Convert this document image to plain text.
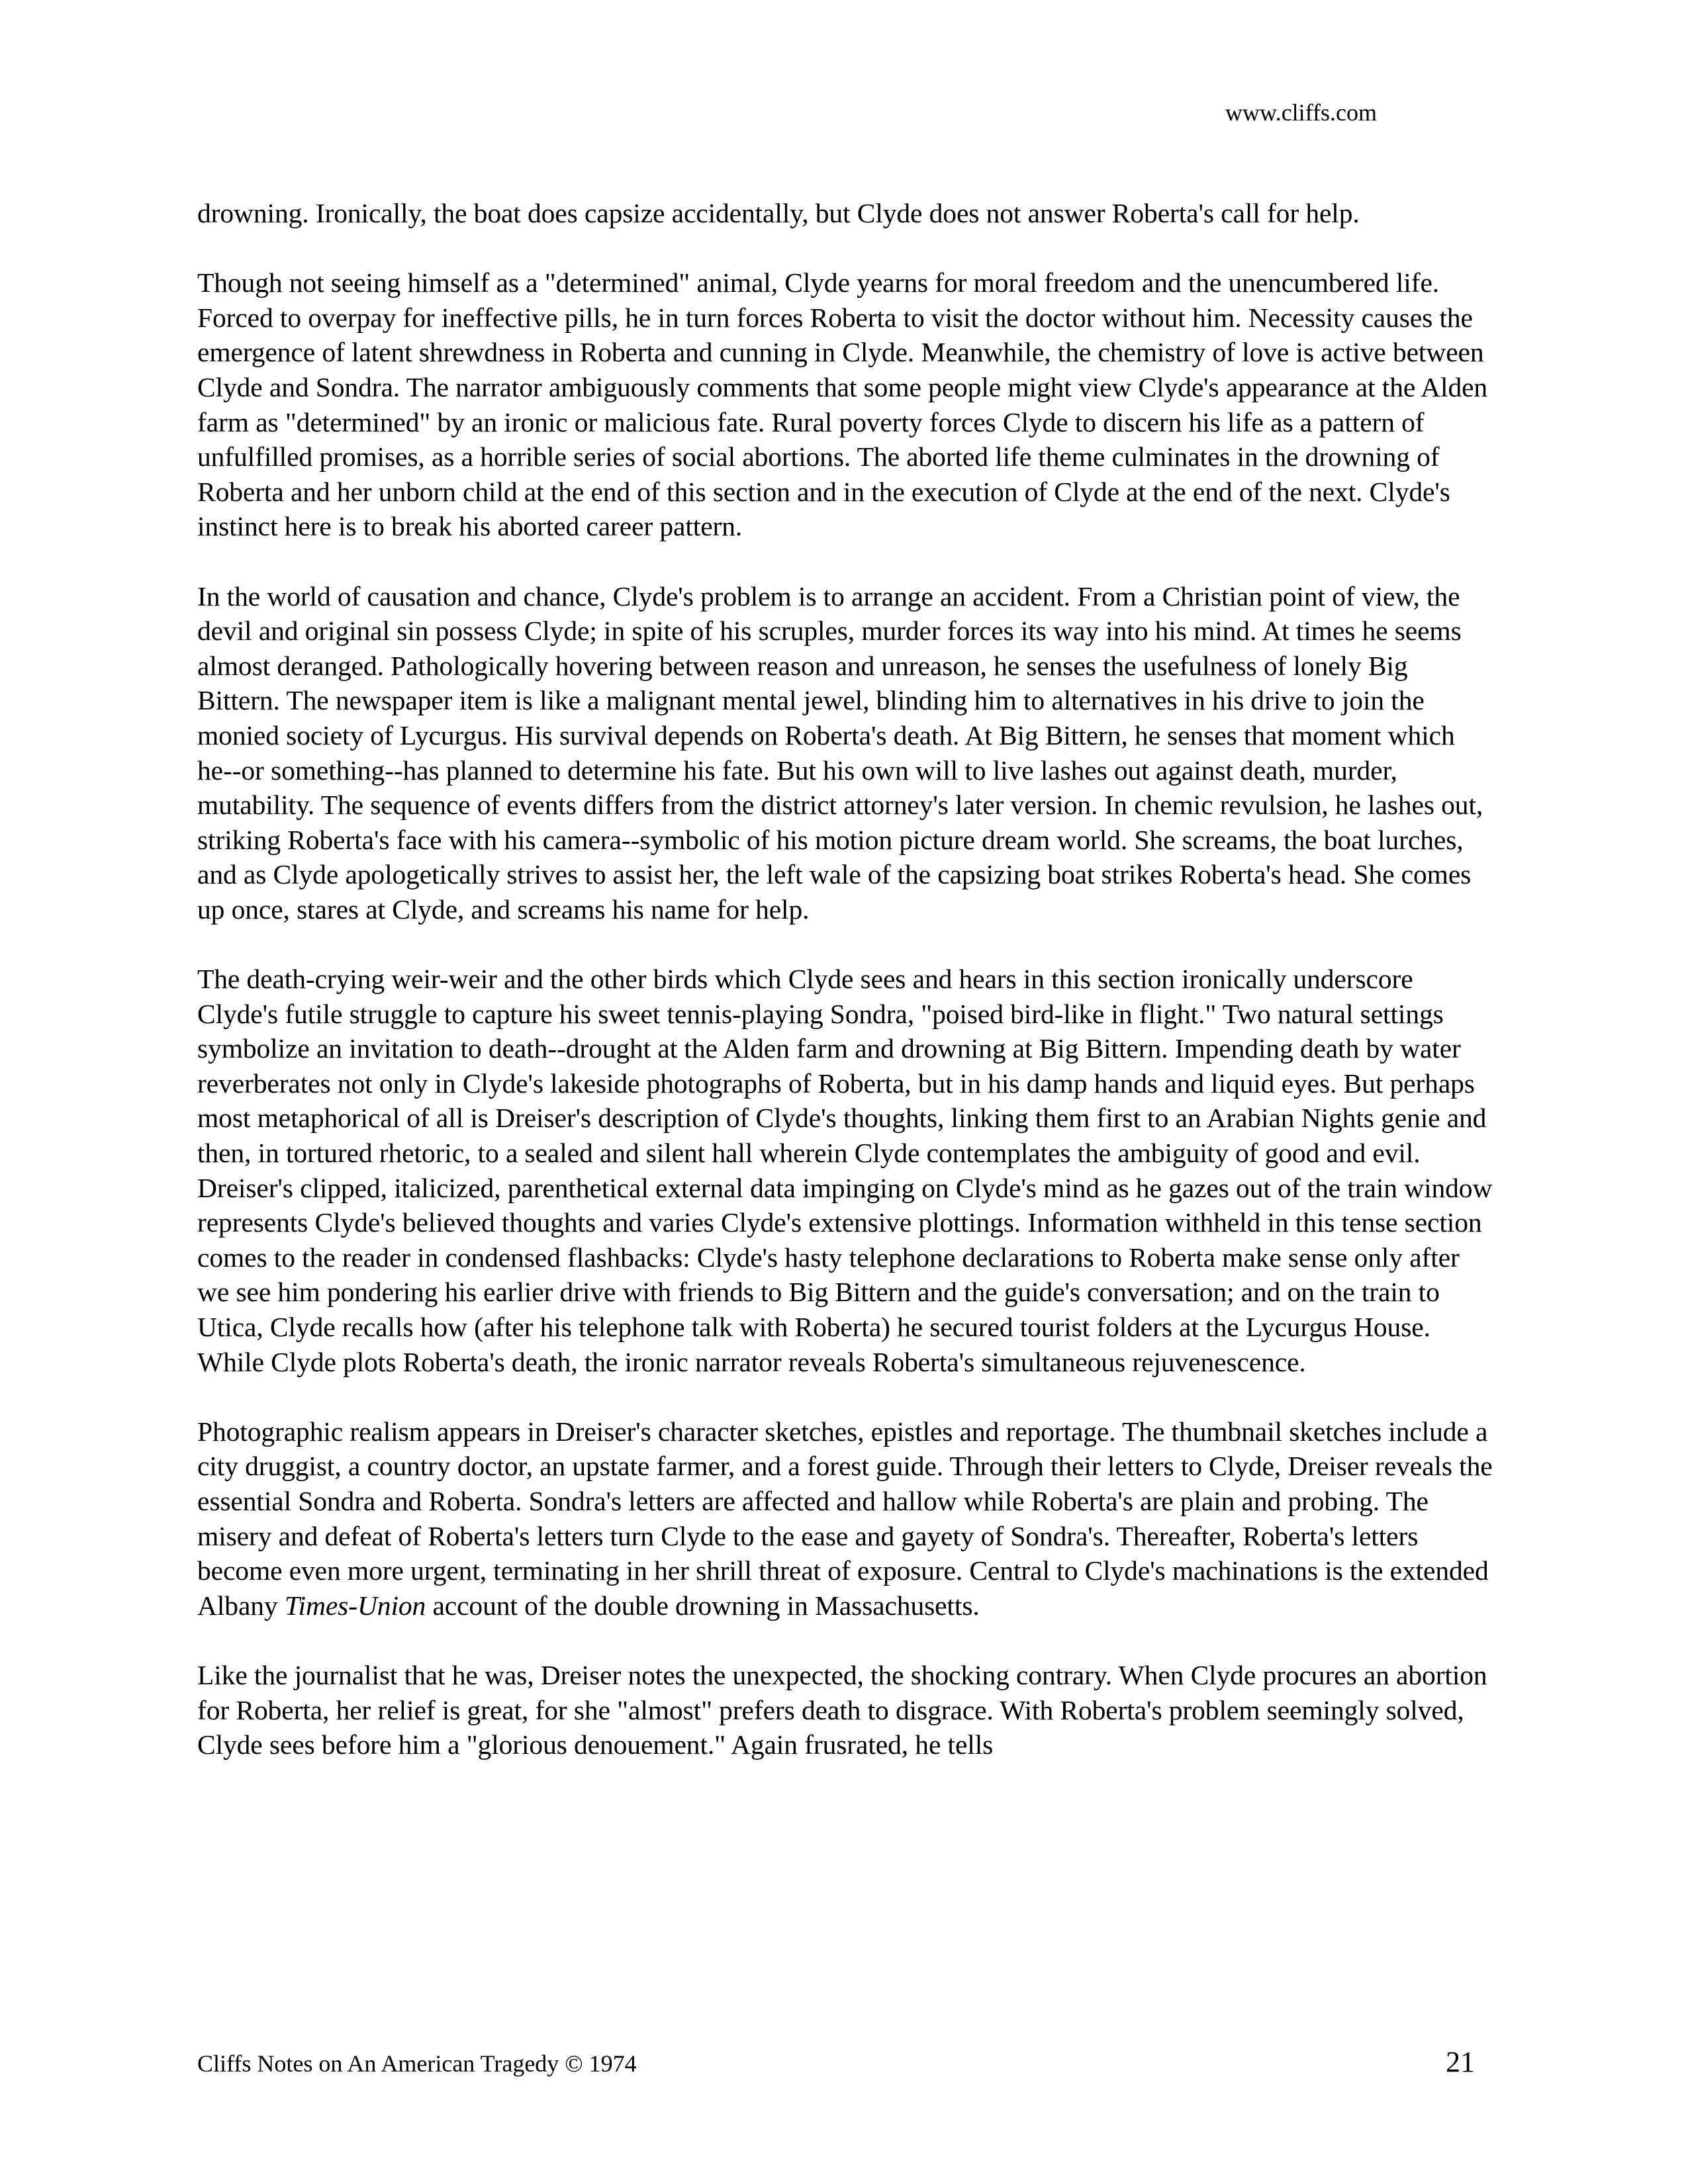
www.cliffs.com

drowning. Ironically, the boat does capsize accidentally, but Clyde does not answer Roberta's call for help.

Though not seeing himself as a "determined" animal, Clyde yearns for moral freedom and the unencumbered life. Forced to overpay for ineffective pills, he in turn forces Roberta to visit the doctor without him. Necessity causes the emergence of latent shrewdness in Roberta and cunning in Clyde. Meanwhile, the chemistry of love is active between Clyde and Sondra. The narrator ambiguously comments that some people might view Clyde's appearance at the Alden farm as "determined" by an ironic or malicious fate. Rural poverty forces Clyde to discern his life as a pattern of unfulfilled promises, as a horrible series of social abortions. The aborted life theme culminates in the drowning of Roberta and her unborn child at the end of this section and in the execution of Clyde at the end of the next. Clyde's instinct here is to break his aborted career pattern.

In the world of causation and chance, Clyde's problem is to arrange an accident. From a Christian point of view, the devil and original sin possess Clyde; in spite of his scruples, murder forces its way into his mind. At times he seems almost deranged. Pathologically hovering between reason and unreason, he senses the usefulness of lonely Big Bittern. The newspaper item is like a malignant mental jewel, blinding him to alternatives in his drive to join the monied society of Lycurgus. His survival depends on Roberta's death. At Big Bittern, he senses that moment which he--or something--has planned to determine his fate. But his own will to live lashes out against death, murder, mutability. The sequence of events differs from the district attorney's later version. In chemic revulsion, he lashes out, striking Roberta's face with his camera--symbolic of his motion picture dream world. She screams, the boat lurches, and as Clyde apologetically strives to assist her, the left wale of the capsizing boat strikes Roberta's head. She comes up once, stares at Clyde, and screams his name for help.

The death-crying weir-weir and the other birds which Clyde sees and hears in this section ironically underscore Clyde's futile struggle to capture his sweet tennis-playing Sondra, "poised bird-like in flight." Two natural settings symbolize an invitation to death--drought at the Alden farm and drowning at Big Bittern. Impending death by water reverberates not only in Clyde's lakeside photographs of Roberta, but in his damp hands and liquid eyes. But perhaps most metaphorical of all is Dreiser's description of Clyde's thoughts, linking them first to an Arabian Nights genie and then, in tortured rhetoric, to a sealed and silent hall wherein Clyde contemplates the ambiguity of good and evil. Dreiser's clipped, italicized, parenthetical external data impinging on Clyde's mind as he gazes out of the train window represents Clyde's believed thoughts and varies Clyde's extensive plottings. Information withheld in this tense section comes to the reader in condensed flashbacks: Clyde's hasty telephone declarations to Roberta make sense only after we see him pondering his earlier drive with friends to Big Bittern and the guide's conversation; and on the train to Utica, Clyde recalls how (after his telephone talk with Roberta) he secured tourist folders at the Lycurgus House. While Clyde plots Roberta's death, the ironic narrator reveals Roberta's simultaneous rejuvenescence.

Photographic realism appears in Dreiser's character sketches, epistles and reportage. The thumbnail sketches include a city druggist, a country doctor, an upstate farmer, and a forest guide. Through their letters to Clyde, Dreiser reveals the essential Sondra and Roberta. Sondra's letters are affected and hallow while Roberta's are plain and probing. The misery and defeat of Roberta's letters turn Clyde to the ease and gayety of Sondra's. Thereafter, Roberta's letters become even more urgent, terminating in her shrill threat of exposure. Central to Clyde's machinations is the extended Albany Times-Union account of the double drowning in Massachusetts.

Like the journalist that he was, Dreiser notes the unexpected, the shocking contrary. When Clyde procures an abortion for Roberta, her relief is great, for she "almost" prefers death to disgrace. With Roberta's problem seemingly solved, Clyde sees before him a "glorious denouement." Again frusrated, he tells

Cliffs Notes on An American Tragedy © 1974	21
